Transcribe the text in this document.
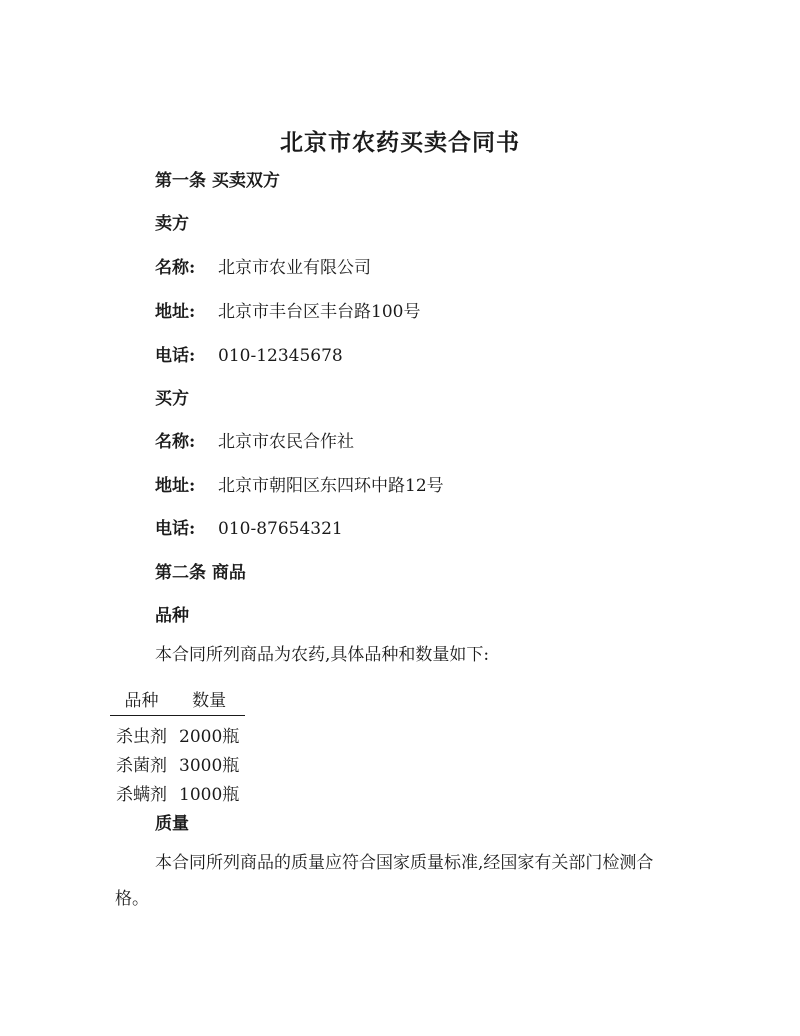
北京市农药买卖合同书
第一条 买卖双方
卖方
名称: 北京市农业有限公司
地址: 北京市丰台区丰台路100号
电话: 010-12345678
买方
名称: 北京市农民合作社
地址: 北京市朝阳区东四环中路12号
电话: 010-87654321
第二条 商品
品种
本合同所列商品为农药,具体品种和数量如下:
品种	数量
杀虫剂	2000瓶
杀菌剂	3000瓶
杀螨剂	1000瓶
质量
本合同所列商品的质量应符合国家质量标准,经国家有关部门检测合格。
